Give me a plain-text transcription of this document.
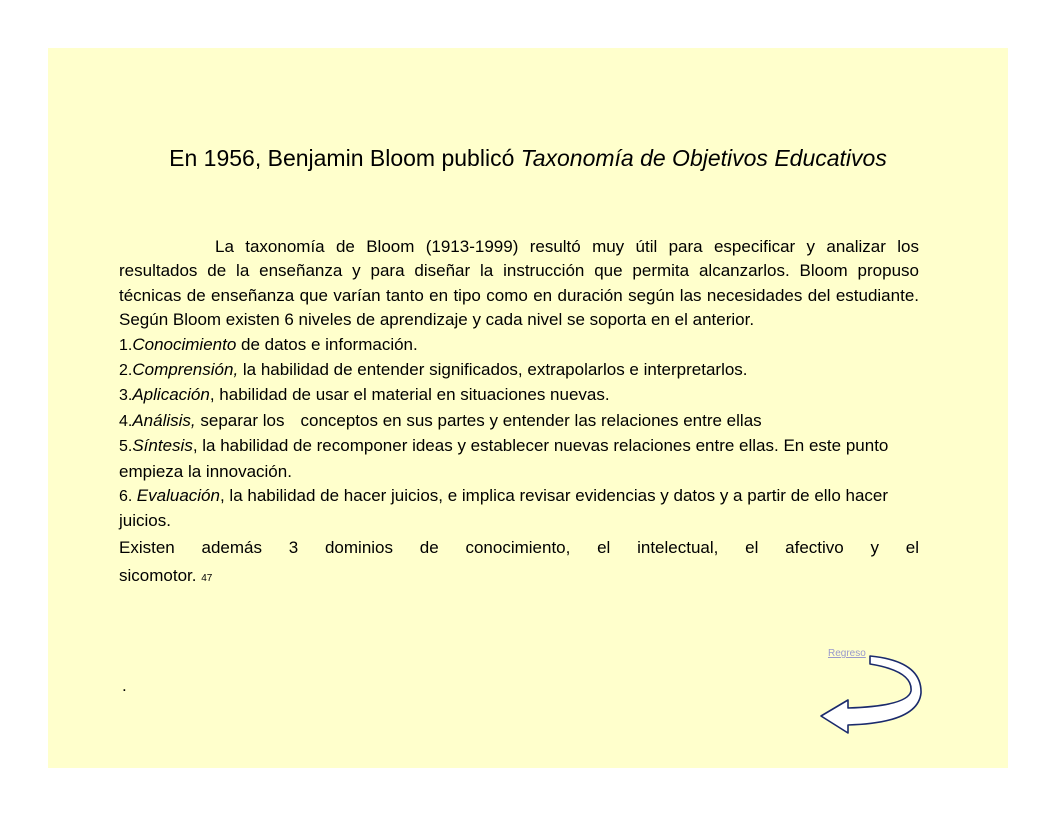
En 1956, Benjamin Bloom publicó Taxonomía de Objetivos Educativos

La taxonomía de Bloom (1913-1999) resultó muy útil para especificar y analizar los resultados de la enseñanza y para diseñar la instrucción que permita alcanzarlos. Bloom propuso técnicas de enseñanza que varían tanto en tipo como en duración según las necesidades del estudiante. Según Bloom existen 6 niveles de aprendizaje y cada nivel se soporta en el anterior.

1.Conocimiento de datos e información.

2.Comprensión, la habilidad de entender significados, extrapolarlos e interpretarlos.

3.Aplicación, habilidad de usar el material en situaciones nuevas.

4.Análisis, separar los conceptos en sus partes y entender las relaciones entre ellas

5.Síntesis, la habilidad de recomponer ideas y establecer nuevas relaciones entre ellas. En este punto empieza la innovación.

6. Evaluación, la habilidad de hacer juicios, e implica revisar evidencias y datos y a partir de ello hacer juicios.

Existen además 3 dominios de conocimiento, el intelectual, el afectivo y el

sicomotor. 47

.
Regreso
